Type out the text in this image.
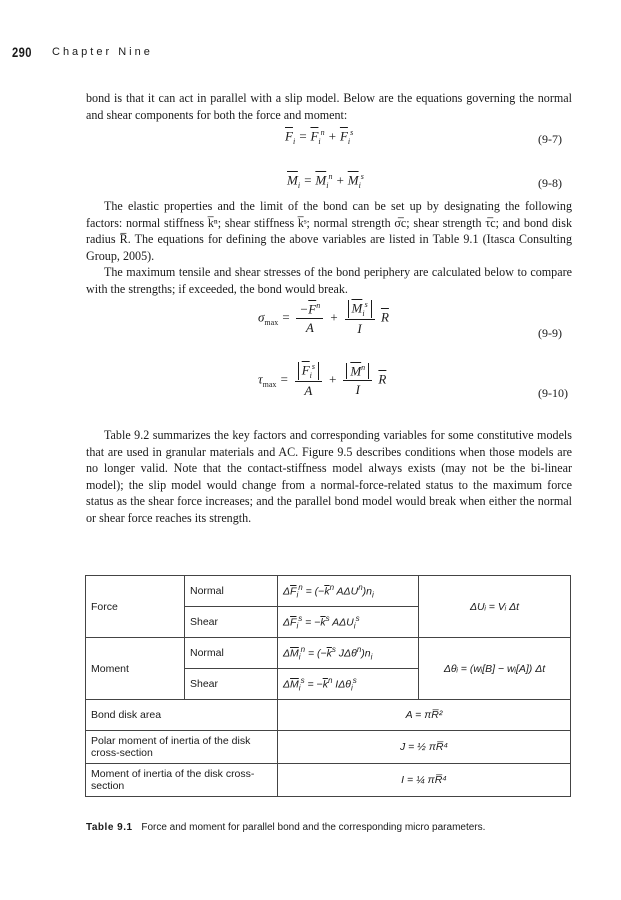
290 Chapter Nine

bond is that it can act in parallel with a slip model. Below are the equations governing the normal and shear components for both the force and moment:

$\overline{F}_i = \overline{F}_i^n + \overline{F}_i^s$	(9-7)
$\overline{M}_i = \overline{M}_i^n + \overline{M}_i^s$	(9-8)

The elastic properties and the limit of the bond can be set up by designating the following factors: normal stiffness k̅ⁿ; shear stiffness k̅ˢ; normal strength σ̅c; shear strength τ̅c; and bond disk radius R̅. The equations for defining the above variables are listed in Table 9.1 (Itasca Consulting Group, 2005).

The maximum tensile and shear stresses of the bond periphery are calculated below to compare with the strengths; if exceeded, the bond would break.

$\sigma_{max} = \frac{-\overline{F}^n}{A} + \frac{\overline{M}_i^s}{I} \overline{R}$
(9-9)
$\tau_{max} = \frac{\overline{F}_i^s}{A} + \frac{\overline{M}^n}{I} \overline{R}$
(9-10)

Table 9.2 summarizes the key factors and corresponding variables for some constitutive models that are used in granular materials and AC. Figure 9.5 describes conditions when those models are no longer valid. Note that the contact-stiffness model always exists (may not be the bi-linear model); the slip model would change from a normal-force-related status to the maximum force status as the shear force increases; and the parallel bond model would break when either the normal or shear force reaches its strength.

Force	Normal	$\Delta\overline{F}_i^n = (-\overline{k}^n$ $A\Delta U^n)n_i$	ΔUᵢ = Vᵢ Δt
	Shear	$\Delta\overline{F}_i^s = -\overline{k}^s$ $A\Delta U_i^s$
Moment	Normal	$\Delta\overline{M}_i^n = (-\overline{k}^s$ $J\Delta\theta^n)n_i$	Δθᵢ = (wᵢ[B] − wᵢ[A]) Δt
	Shear	$\Delta\overline{M}_i^s = -\overline{k}^n$ IΔθ$_i^s$
Bond disk area		A = πR̅²	
Polar moment of inertia of the disk cross-section		J = ½ πR̅⁴	
Moment of inertia of the disk cross-section		I = ¼ πR̅⁴	
Table 9.1 Force and moment for parallel bond and the corresponding micro parameters.
